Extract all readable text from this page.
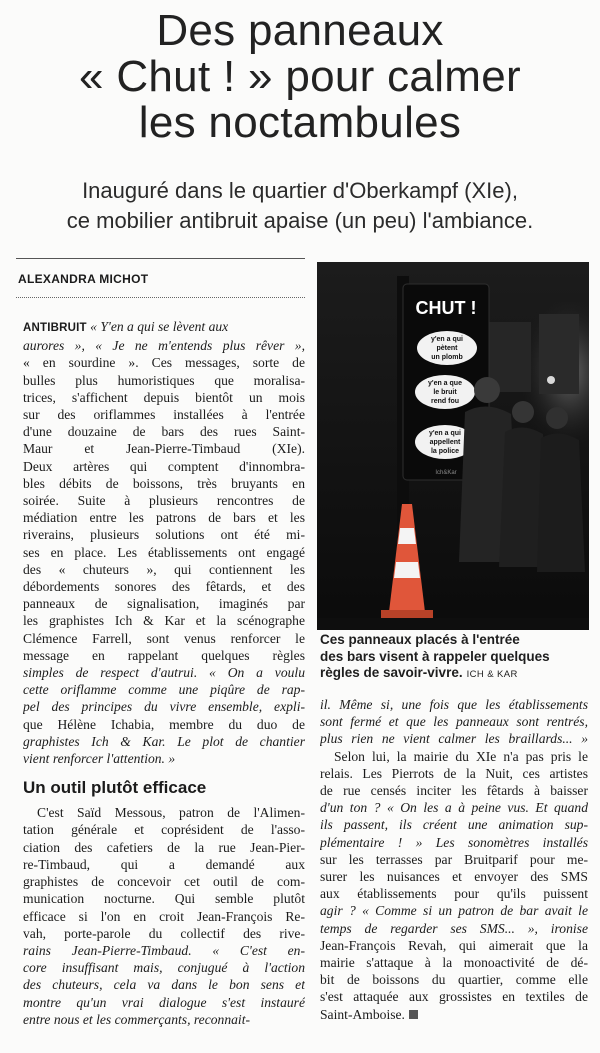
Des panneaux
« Chut ! » pour calmer
les noctambules
Inauguré dans le quartier d'Oberkampf (XIe),
ce mobilier antibruit apaise (un peu) l'ambiance.
ALEXANDRA MICHOT
ANTIBRUIT « Y'en a qui se lèvent aux
aurores », « Je ne m'entends plus rêver »,
« en sourdine ». Ces messages, sorte de
bulles plus humoristiques que moralisa-
trices, s'affichent depuis bientôt un mois
sur des oriflammes installées à l'entrée
d'une douzaine de bars des rues Saint-
Maur et Jean-Pierre-Timbaud (XIe).
Deux artères qui comptent d'innombra-
bles débits de boissons, très bruyants en
soirée. Suite à plusieurs rencontres de
médiation entre les patrons de bars et les
riverains, plusieurs solutions ont été mi-
ses en place. Les établissements ont engagé
des « chuteurs », qui contiennent les
débordements sonores des fêtards, et des
panneaux de signalisation, imaginés par
les graphistes Ich & Kar et la scénographe
Clémence Farrell, sont venus renforcer le
message en rappelant quelques règles
simples de respect d'autrui. « On a voulu
cette oriflamme comme une piqûre de rap-
pel des principes du vivre ensemble, expli-
que Hélène Ichabia, membre du duo de
graphistes Ich & Kar. Le plot de chantier
vient renforcer l'attention. »
Un outil plutôt efficace
C'est Saïd Messous, patron de l'Alimen-
tation générale et coprésident de l'asso-
ciation des cafetiers de la rue Jean-Pier-
re-Timbaud, qui a demandé aux
graphistes de concevoir cet outil de com-
munication nocturne. Qui semble plutôt
efficace si l'on en croit Jean-François Re-
vah, porte-parole du collectif des rive-
rains Jean-Pierre-Timbaud. « C'est en-
core insuffisant mais, conjugué à l'action
des chuteurs, cela va dans le bon sens et
montre qu'un vrai dialogue s'est instauré
entre nous et les commerçants, reconnait-
CHUT !
y'en a qui
pètent
un plomb
y'en a que
le bruit
rend fou
y'en a qui
appellent
la police
Ich&Kar
Ces panneaux placés à l'entrée
des bars visent à rappeler quelques
règles de savoir-vivre. ICH & KAR
il. Même si, une fois que les établissements
sont fermé et que les panneaux sont rentrés,
plus rien ne vient calmer les braillards... »
Selon lui, la mairie du XIe n'a pas pris le
relais. Les Pierrots de la Nuit, ces artistes
de rue censés inciter les fêtards à baisser
d'un ton ? « On les a à peine vus. Et quand
ils passent, ils créent une animation sup-
plémentaire ! » Les sonomètres installés
sur les terrasses par Bruitparif pour me-
surer les nuisances et envoyer des SMS
aux établissements pour qu'ils puissent
agir ? « Comme si un patron de bar avait le
temps de regarder ses SMS... », ironise
Jean-François Revah, qui aimerait que la
mairie s'attaque à la monoactivité de dé-
bit de boissons du quartier, comme elle
s'est attaquée aux grossistes en textiles de
Saint-Amboise.
